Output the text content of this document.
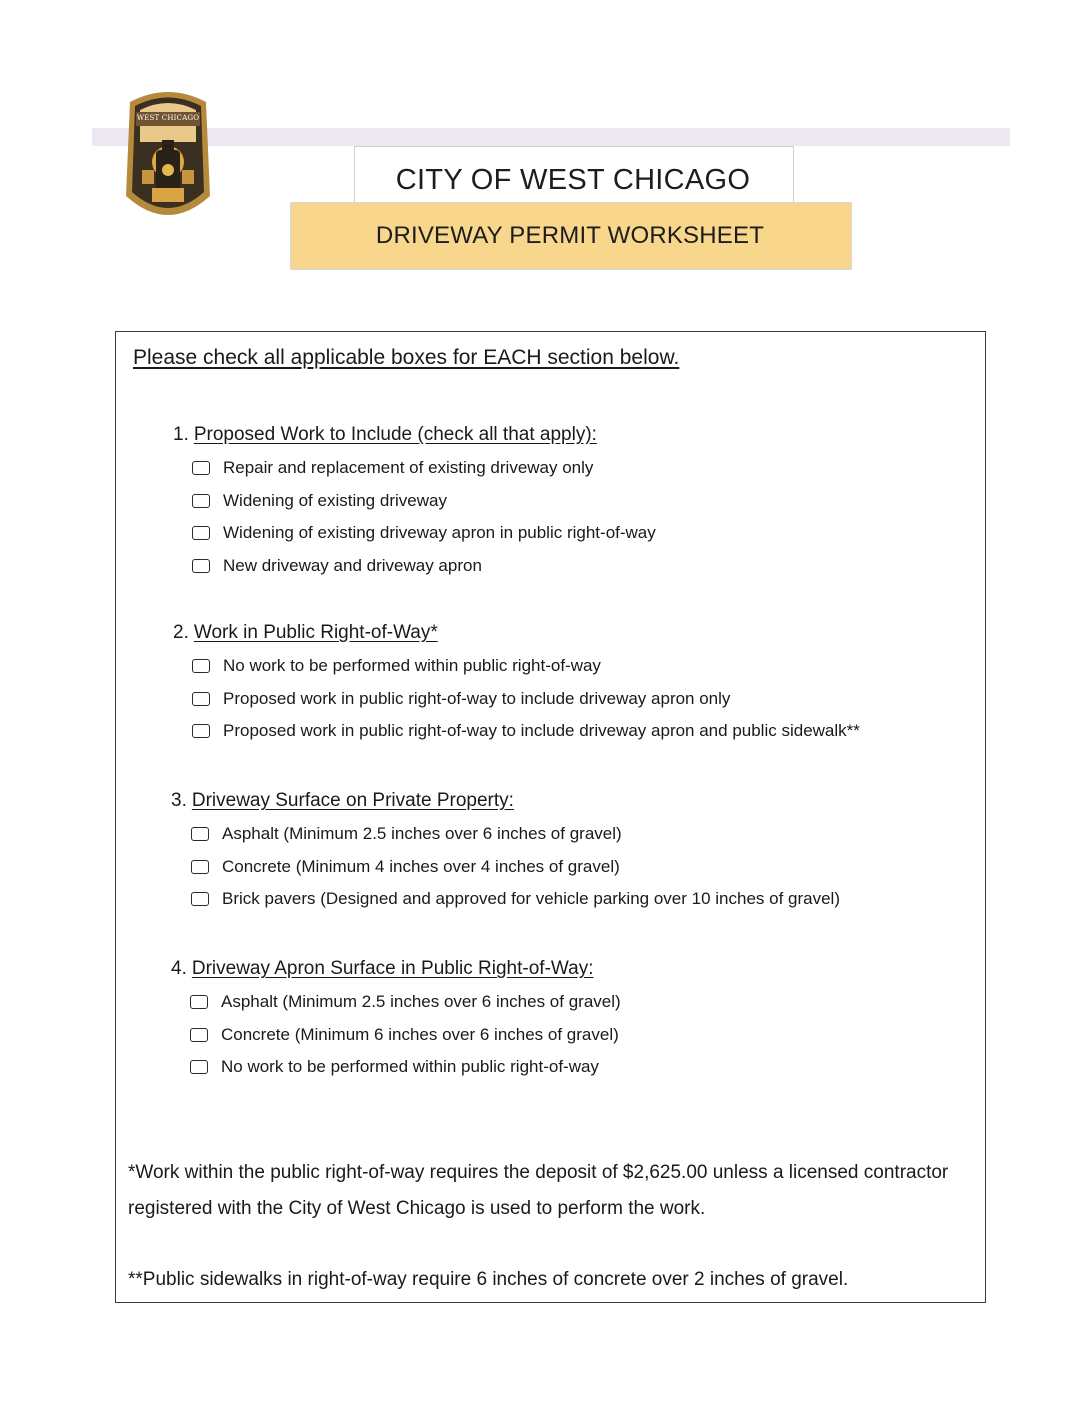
WEST CHICAGO
CITY OF WEST CHICAGO
DRIVEWAY PERMIT WORKSHEET
Please check all applicable boxes for EACH section below.
1. Proposed Work to Include (check all that apply):
Repair and replacement of existing driveway only
Widening of existing driveway
Widening of existing driveway apron in public right-of-way
New driveway and driveway apron
2. Work in Public Right-of-Way*
No work to be performed within public right-of-way
Proposed work in public right-of-way to include driveway apron only
Proposed work in public right-of-way to include driveway apron and public sidewalk**
3. Driveway Surface on Private Property:
Asphalt (Minimum 2.5 inches over 6 inches of gravel)
Concrete (Minimum 4 inches over 4 inches of gravel)
Brick pavers (Designed and approved for vehicle parking over 10 inches of gravel)
4. Driveway Apron Surface in Public Right-of-Way:
Asphalt (Minimum 2.5 inches over 6 inches of gravel)
Concrete (Minimum 6 inches over 6 inches of gravel)
No work to be performed within public right-of-way
*Work within the public right-of-way requires the deposit of $2,625.00 unless a licensed contractor registered with the City of West Chicago is used to perform the work.
**Public sidewalks in right-of-way require 6 inches of concrete over 2 inches of gravel.
